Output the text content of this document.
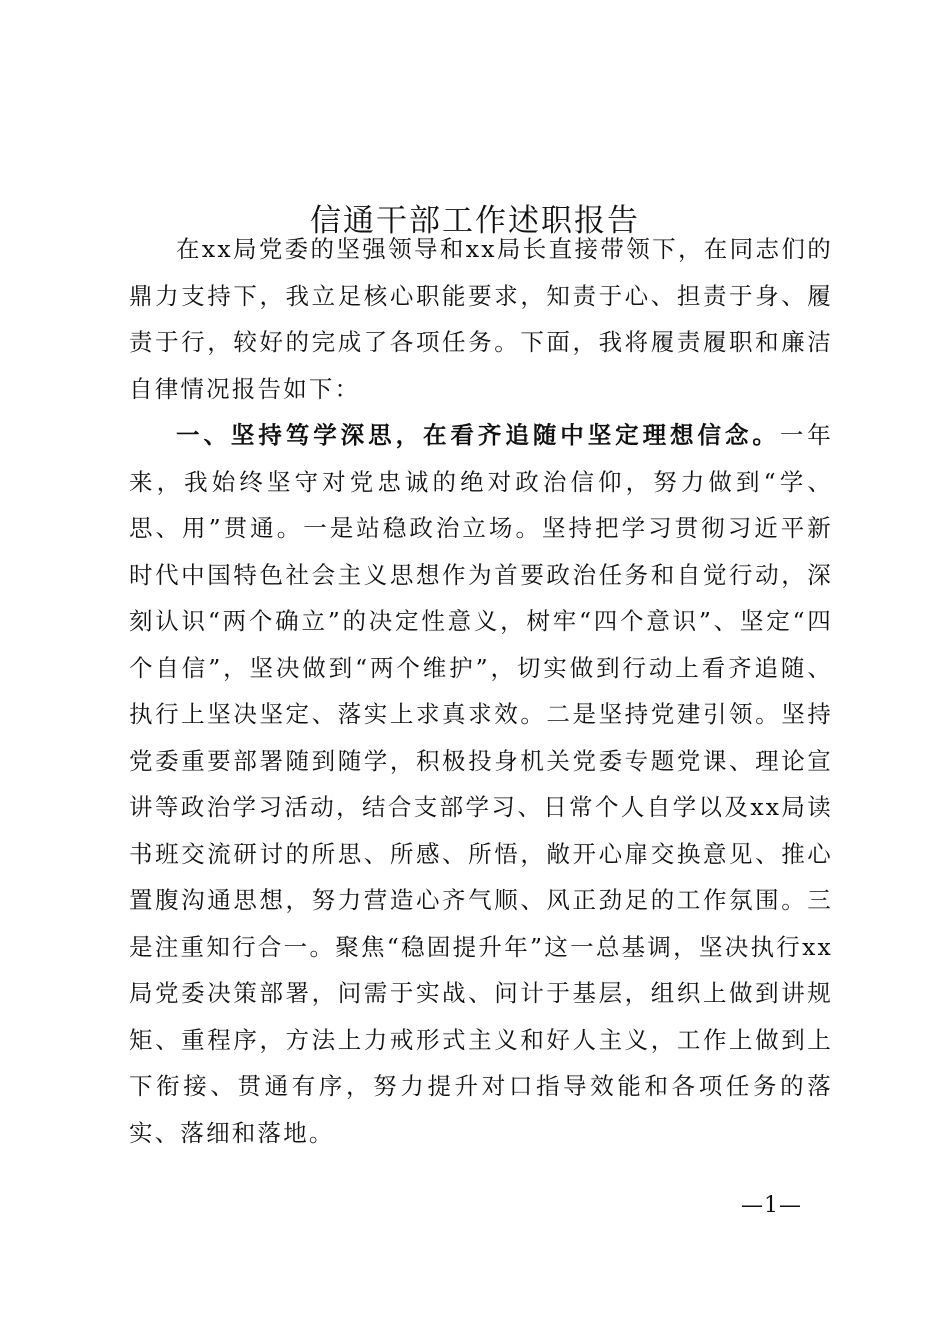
信通干部工作述职报告

在xx局党委的坚强领导和xx局长直接带领下，在同志们的鼎力支持下，我立足核心职能要求，知责于心、担责于身、履责于行，较好的完成了各项任务。下面，我将履责履职和廉洁自律情况报告如下：

一、坚持笃学深思，在看齐追随中坚定理想信念。一年来，我始终坚守对党忠诚的绝对政治信仰，努力做到“学、思、用”贯通。一是站稳政治立场。坚持把学习贯彻习近平新时代中国特色社会主义思想作为首要政治任务和自觉行动，深刻认识“两个确立”的决定性意义，树牢“四个意识”、坚定“四个自信”，坚决做到“两个维护”，切实做到行动上看齐追随、执行上坚决坚定、落实上求真求效。二是坚持党建引领。坚持党委重要部署随到随学，积极投身机关党委专题党课、理论宣讲等政治学习活动，结合支部学习、日常个人自学以及xx局读书班交流研讨的所思、所感、所悟，敞开心扉交换意见、推心置腹沟通思想，努力营造心齐气顺、风正劲足的工作氛围。三是注重知行合一。聚焦“稳固提升年”这一总基调，坚决执行xx局党委决策部署，问需于实战、问计于基层，组织上做到讲规矩、重程序，方法上力戒形式主义和好人主义，工作上做到上下衔接、贯通有序，努力提升对口指导效能和各项任务的落实、落细和落地。

—1—
